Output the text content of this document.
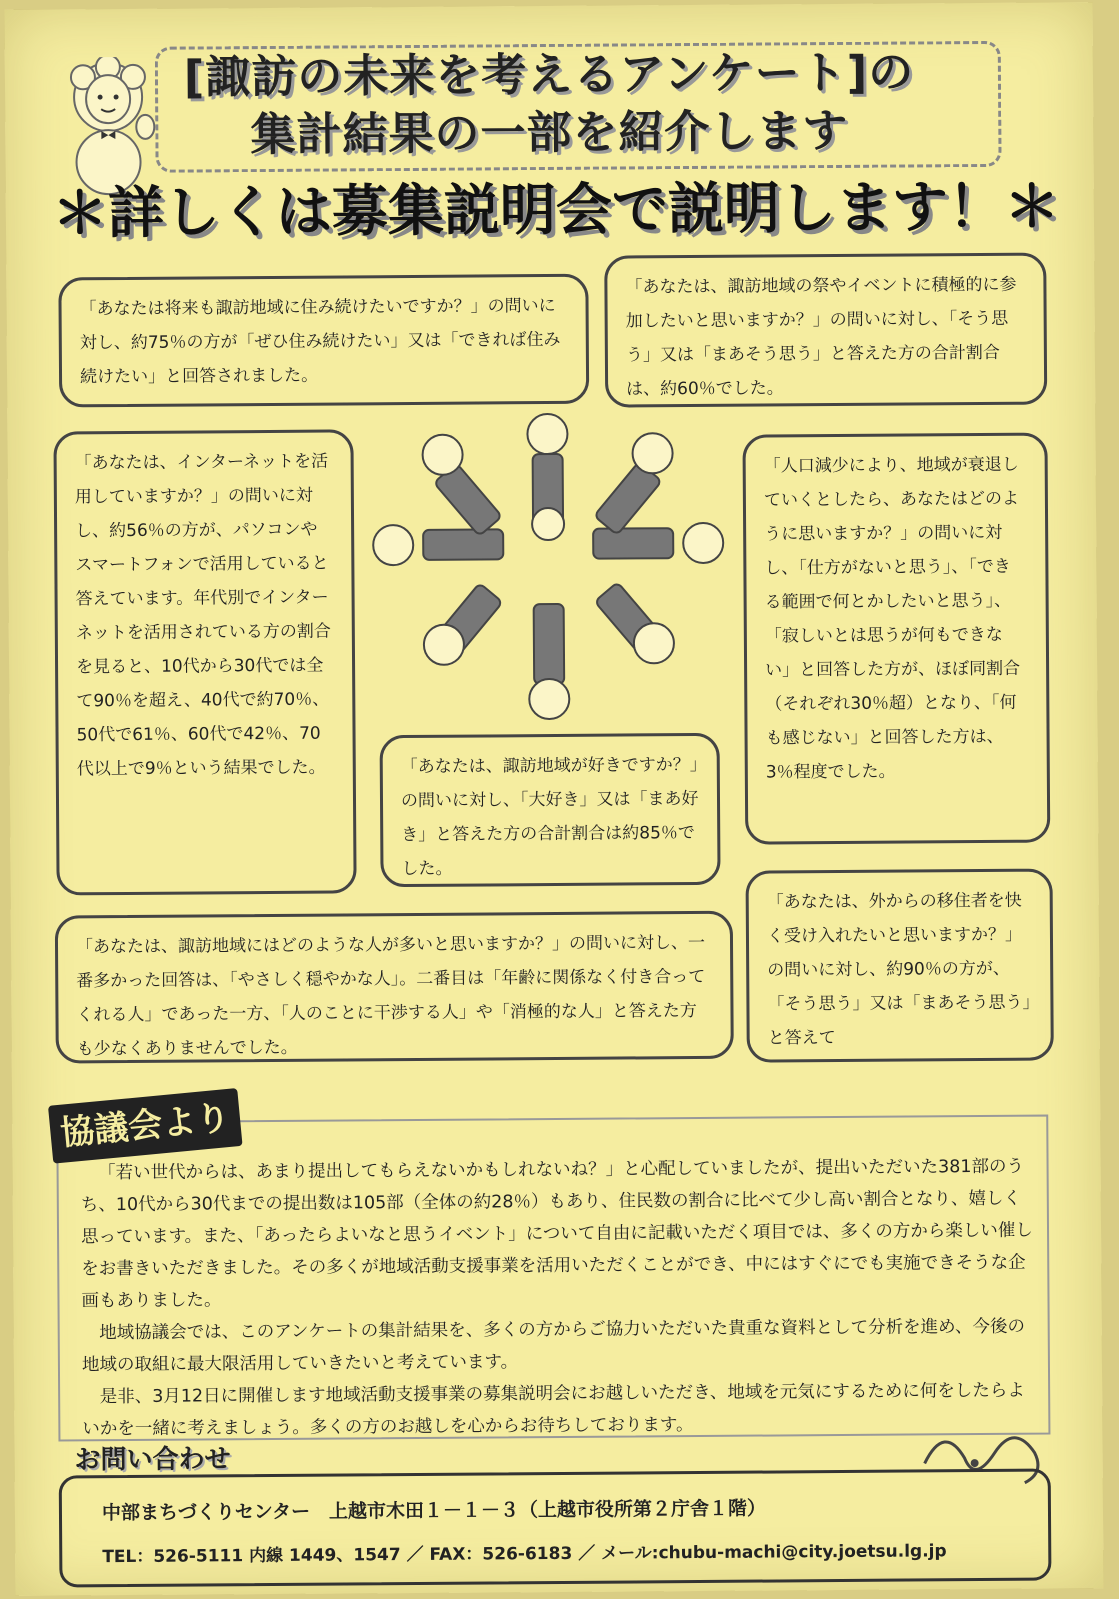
[諏訪の未来を考えるアンケート]の
集計結果の一部を紹介します
＊詳しくは募集説明会で説明します！＊
「あなたは将来も諏訪地域に住み続けたいですか？」の問いに対し、約75％の方が「ぜひ住み続けたい」又は「できれば住み続けたい」と回答されました。
「あなたは、諏訪地域の祭やイベントに積極的に参加したいと思いますか？」の問いに対し、「そう思う」又は「まあそう思う」と答えた方の合計割合は、約60％でした。
「あなたは、インターネットを活用していますか？」の問いに対し、約56％の方が、パソコンやスマートフォンで活用していると答えています。年代別でインターネットを活用されている方の割合を見ると、10代から30代では全て90％を超え、40代で約70％、50代で61％、60代で42％、70代以上で9％という結果でした。
「人口減少により、地域が衰退していくとしたら、あなたはどのように思いますか？」の問いに対し、「仕方がないと思う」、「できる範囲で何とかしたいと思う」、「寂しいとは思うが何もできない」と回答した方が、ほぼ同割合（それぞれ30％超）となり、「何も感じない」と回答した方は、3％程度でした。
「あなたは、諏訪地域が好きですか？」の問いに対し、「大好き」又は「まあ好き」と答えた方の合計割合は約85％でした。
「あなたは、諏訪地域にはどのような人が多いと思いますか？」の問いに対し、一番多かった回答は、「やさしく穏やかな人」。二番目は「年齢に関係なく付き合ってくれる人」であった一方、「人のことに干渉する人」や「消極的な人」と答えた方も少なくありませんでした。
「あなたは、外からの移住者を快く受け入れたいと思いますか？」の問いに対し、約90％の方が、「そう思う」又は「まあそう思う」と答えて

「若い世代からは、あまり提出してもらえないかもしれないね？」と心配していましたが、提出いただいた381部のうち、10代から30代までの提出数は105部（全体の約28％）もあり、住民数の割合に比べて少し高い割合となり、嬉しく思っています。また、「あったらよいなと思うイベント」について自由に記載いただく項目では、多くの方から楽しい催しをお書きいただきました。その多くが地域活動支援事業を活用いただくことができ、中にはすぐにでも実施できそうな企画もありました。

地域協議会では、このアンケートの集計結果を、多くの方からご協力いただいた貴重な資料として分析を進め、今後の地域の取組に最大限活用していきたいと考えています。

是非、3月12日に開催します地域活動支援事業の募集説明会にお越しいただき、地域を元気にするために何をしたらよいかを一緒に考えましょう。多くの方のお越しを心からお待ちしております。

協議会より
お問い合わせ
中部まちづくりセンター　上越市木田１－１－３（上越市役所第２庁舎１階）
TEL：526-5111 内線 1449、1547 ／ FAX：526-6183 ／ メール:chubu-machi@city.joetsu.lg.jp
